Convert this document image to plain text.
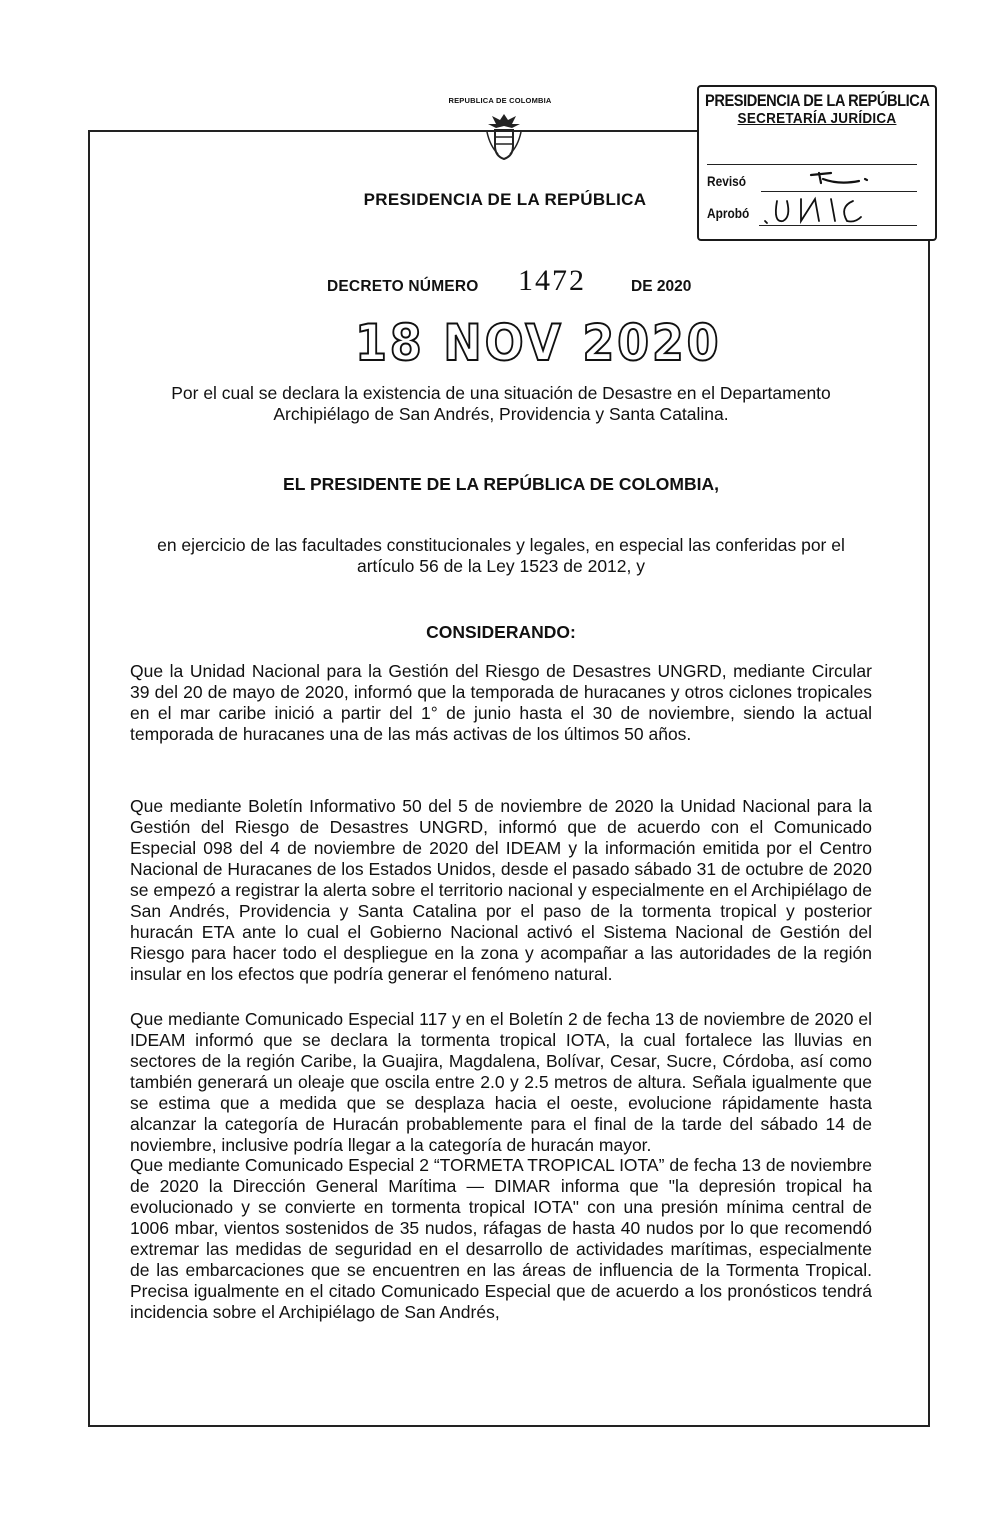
REPUBLICA DE COLOMBIA
PRESIDENCIA DE LA REPÚBLICA
PRESIDENCIA DE LA REPÚBLICA
SECRETARÍA JURÍDICA
Revisó
Aprobó
DECRETO NÚMERO 1472	DE 2020
18 NOV 2020
Por el cual se declara la existencia de una situación de Desastre en el Departamento Archipiélago de San Andrés, Providencia y Santa Catalina.
EL PRESIDENTE DE LA REPÚBLICA DE COLOMBIA,
en ejercicio de las facultades constitucionales y legales, en especial las conferidas por el artículo 56 de la Ley 1523 de 2012, y
CONSIDERANDO:
Que la Unidad Nacional para la Gestión del Riesgo de Desastres UNGRD, mediante Circular 39 del 20 de mayo de 2020, informó que la temporada de huracanes y otros ciclones tropicales en el mar caribe inició a partir del 1° de junio hasta el 30 de noviembre, siendo la actual temporada de huracanes una de las más activas de los últimos 50 años.
Que mediante Boletín Informativo 50 del 5 de noviembre de 2020 la Unidad Nacional para la Gestión del Riesgo de Desastres UNGRD, informó que de acuerdo con el Comunicado Especial 098 del 4 de noviembre de 2020 del IDEAM y la información emitida por el Centro Nacional de Huracanes de los Estados Unidos, desde el pasado sábado 31 de octubre de 2020 se empezó a registrar la alerta sobre el territorio nacional y especialmente en el Archipiélago de San Andrés, Providencia y Santa Catalina por el paso de la tormenta tropical y posterior huracán ETA ante lo cual el Gobierno Nacional activó el Sistema Nacional de Gestión del Riesgo para hacer todo el despliegue en la zona y acompañar a las autoridades de la región insular en los efectos que podría generar el fenómeno natural.
Que mediante Comunicado Especial 117 y en el Boletín 2 de fecha 13 de noviembre de 2020 el IDEAM informó que se declara la tormenta tropical IOTA, la cual fortalece las lluvias en sectores de la región Caribe, la Guajira, Magdalena, Bolívar, Cesar, Sucre, Córdoba, así como también generará un oleaje que oscila entre 2.0 y 2.5 metros de altura. Señala igualmente que se estima que a medida que se desplaza hacia el oeste, evolucione rápidamente hasta alcanzar la categoría de Huracán probablemente para el final de la tarde del sábado 14 de noviembre, inclusive podría llegar a la categoría de huracán mayor.
Que mediante Comunicado Especial 2 “TORMETA TROPICAL IOTA” de fecha 13 de noviembre de 2020 la Dirección General Marítima — DIMAR informa que "la depresión tropical ha evolucionado y se convierte en tormenta tropical IOTA" con una presión mínima central de 1006 mbar, vientos sostenidos de 35 nudos, ráfagas de hasta 40 nudos por lo que recomendó extremar las medidas de seguridad en el desarrollo de actividades marítimas, especialmente de las embarcaciones que se encuentren en las áreas de influencia de la Tormenta Tropical. Precisa igualmente en el citado Comunicado Especial que de acuerdo a los pronósticos tendrá incidencia sobre el Archipiélago de San Andrés,
